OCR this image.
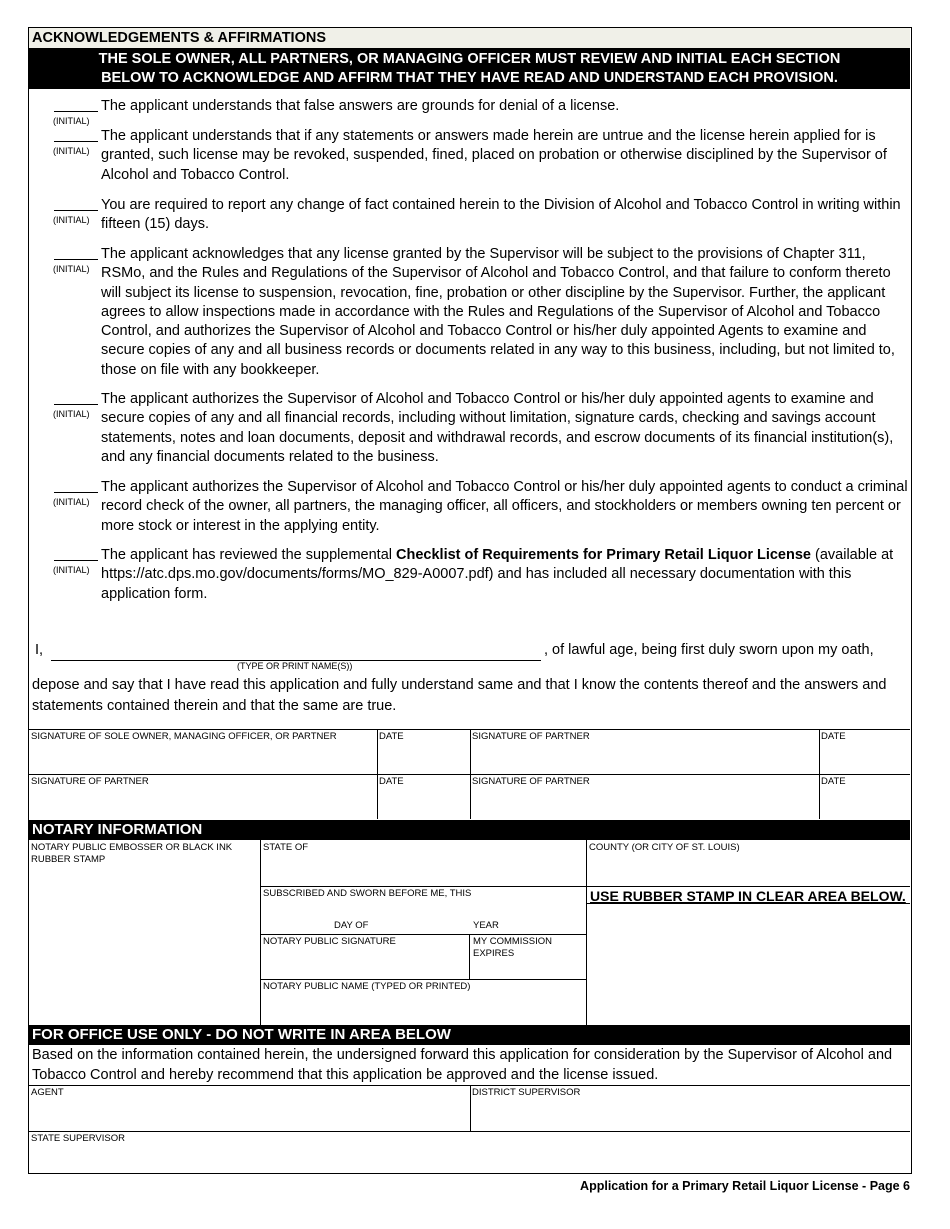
ACKNOWLEDGEMENTS & AFFIRMATIONS
THE SOLE OWNER, ALL PARTNERS, OR MANAGING OFFICER MUST REVIEW AND INITIAL EACH SECTION
BELOW TO ACKNOWLEDGE AND AFFIRM THAT THEY HAVE READ AND UNDERSTAND EACH PROVISION.
(INITIAL)
The applicant understands that false answers are grounds for denial of a license.
(INITIAL)
The applicant understands that if any statements or answers made herein are untrue and the license herein applied for is granted, such license may be revoked, suspended, fined, placed on probation or otherwise disciplined by the Supervisor of Alcohol and Tobacco Control.
(INITIAL)
You are required to report any change of fact contained herein to the Division of Alcohol and Tobacco Control in writing within fifteen (15) days.
(INITIAL)
The applicant acknowledges that any license granted by the Supervisor will be subject to the provisions of Chapter 311, RSMo, and the Rules and Regulations of the Supervisor of Alcohol and Tobacco Control, and that failure to conform thereto will subject its license to suspension, revocation, fine, probation or other discipline by the Supervisor. Further, the applicant agrees to allow inspections made in accordance with the Rules and Regulations of the Supervisor of Alcohol and Tobacco Control, and authorizes the Supervisor of Alcohol and Tobacco Control or his/her duly appointed Agents to examine and secure copies of any and all business records or documents related in any way to this business, including, but not limited to, those on file with any bookkeeper.
(INITIAL)
The applicant authorizes the Supervisor of Alcohol and Tobacco Control or his/her duly appointed agents to examine and secure copies of any and all financial records, including without limitation, signature cards, checking and savings account statements, notes and loan documents, deposit and withdrawal records, and escrow documents of its financial institution(s), and any financial documents related to the business.
(INITIAL)
The applicant authorizes the Supervisor of Alcohol and Tobacco Control or his/her duly appointed agents to conduct a criminal record check of the owner, all partners, the managing officer, all officers, and stockholders or members owning ten percent or more stock or interest in the applying entity.
(INITIAL)
The applicant has reviewed the supplemental Checklist of Requirements for Primary Retail Liquor License (available at https://atc.dps.mo.gov/documents/forms/MO_829-A0007.pdf) and has included all necessary documentation with this application form.
I,	, of lawful age, being first duly sworn upon my oath,
(TYPE OR PRINT NAME(S))
depose and say that I have read this application and fully understand same and that I know the contents thereof and the answers and statements contained therein and that the same are true.
SIGNATURE OF SOLE OWNER, MANAGING OFFICER, OR PARTNER	DATE	SIGNATURE OF PARTNER	DATE
SIGNATURE OF PARTNER	DATE	SIGNATURE OF PARTNER	DATE
NOTARY INFORMATION
NOTARY PUBLIC EMBOSSER OR BLACK INK RUBBER STAMP
STATE OF	COUNTY (OR CITY OF ST. LOUIS)
SUBSCRIBED AND SWORN BEFORE ME, THIS
DAY OF	YEAR
USE RUBBER STAMP IN CLEAR AREA BELOW.
NOTARY PUBLIC SIGNATURE	MY COMMISSION EXPIRES
NOTARY PUBLIC NAME (TYPED OR PRINTED)
FOR OFFICE USE ONLY - DO NOT WRITE IN AREA BELOW
Based on the information contained herein, the undersigned forward this application for consideration by the Supervisor of Alcohol and Tobacco Control and hereby recommend that this application be approved and the license issued.
AGENT	DISTRICT SUPERVISOR
STATE SUPERVISOR
Application for a Primary Retail Liquor License - Page 6
